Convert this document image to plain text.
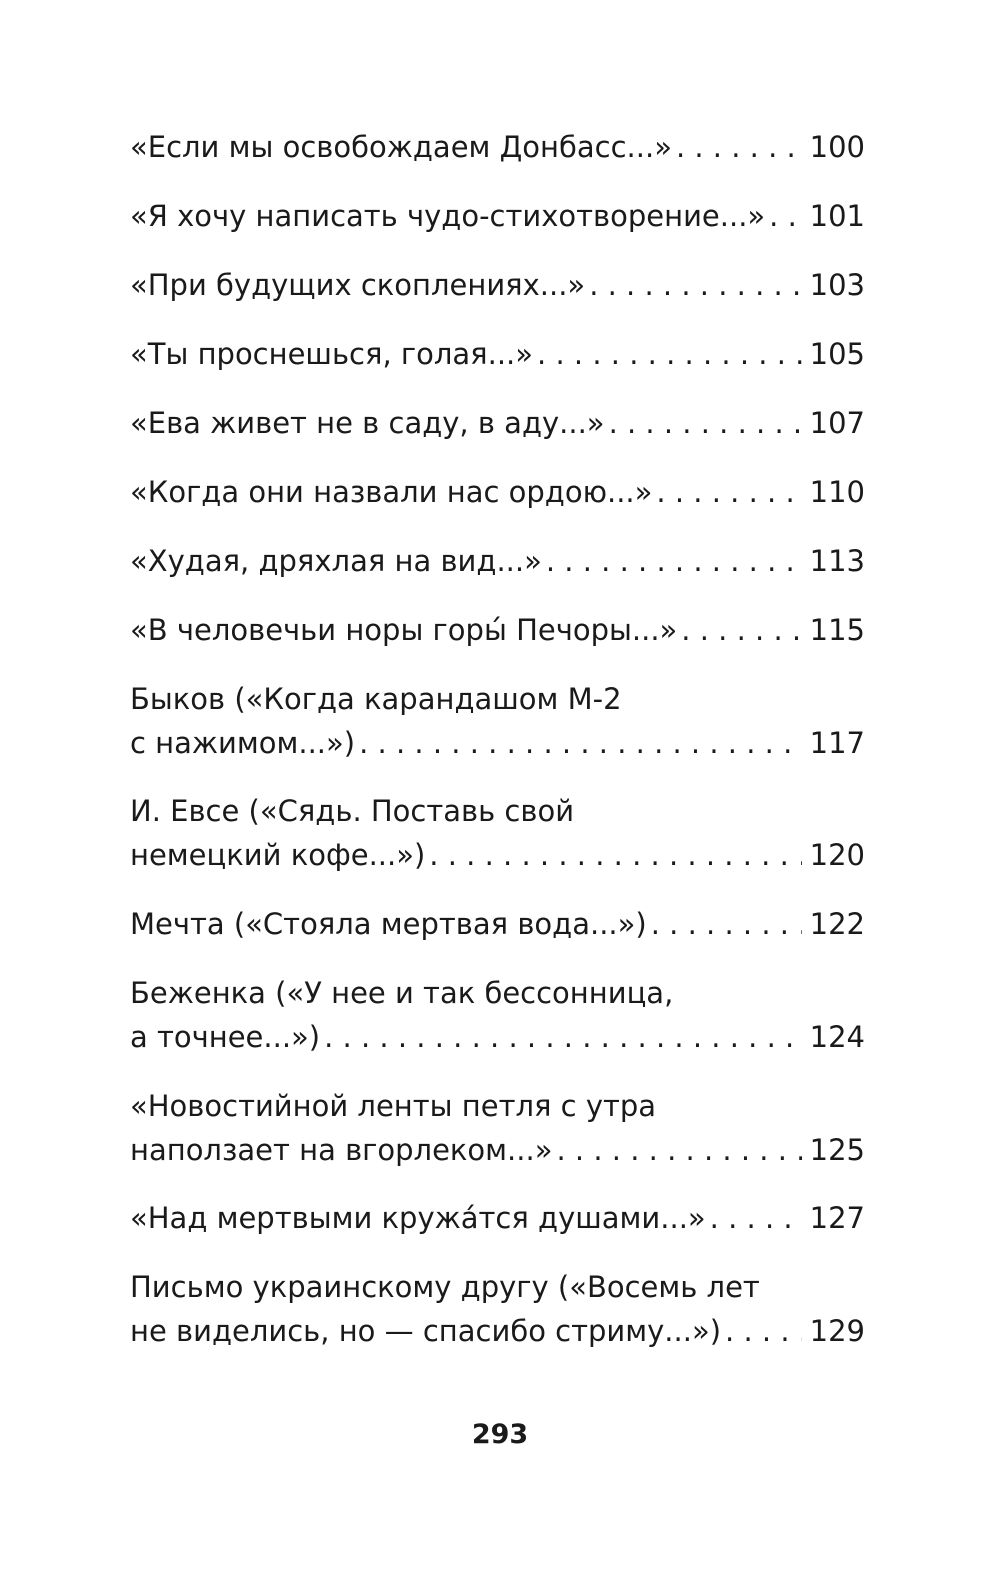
«Если мы освобождаем Донбасс...» . . .	100
«Я хочу написать чудо-стихотворение...» . . . 101
«При будущих скоплениях...» . . .	103
«Ты проснешься, голая...» . . .	105
«Ева живет не в саду, в аду...» . . .	107
«Когда они назвали нас ордою...» . . .	110
«Худая, дряхлая на вид...» . . .	113
«В человечьи норы горы́ Печоры...» . . .	115
Быков («Когда карандашом М-2
с нажимом...») . . .	117
И. Евсе («Сядь. Поставь свой
немецкий кофе...») . . .	120
Мечта («Стояла мертвая вода...») . . .	122
Беженка («У нее и так бессонница,
а точнее...») . . .	124
«Новостийной ленты петля с утра
наползает на вгорлеком...» . . .	125
«Над мертвыми кружа́тся душами...» . . .	127
Письмо украинскому другу («Восемь лет
не виделись, но — спасибо стриму...») . . .	129
293
